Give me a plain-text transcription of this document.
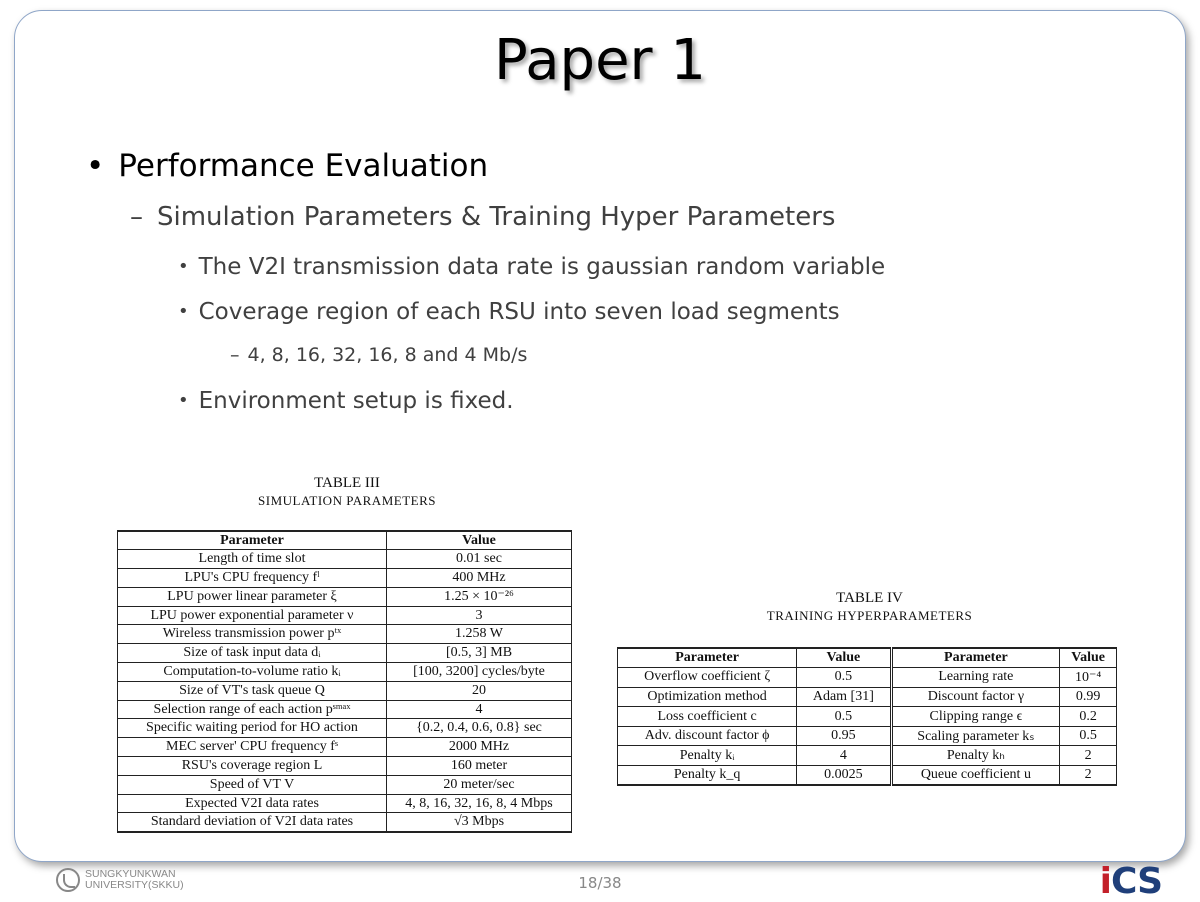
Paper 1
• Performance Evaluation
– Simulation Parameters & Training Hyper Parameters
• The V2I transmission data rate is gaussian random variable
• Coverage region of each RSU into seven load segments
– 4, 8, 16, 32, 16, 8 and 4 Mb/s
• Environment setup is fixed.
TABLE III
SIMULATION PARAMETERS
Parameter	Value
Length of time slot	0.01 sec
LPU's CPU frequency fˡ	400 MHz
LPU power linear parameter ξ	1.25 × 10⁻²⁶
LPU power exponential parameter ν	3
Wireless transmission power pᵗˣ	1.258 W
Size of task input data dᵢ	[0.5, 3] MB
Computation-to-volume ratio kᵢ	[100, 3200] cycles/byte
Size of VT's task queue Q	20
Selection range of each action pˢᵐᵃˣ	4
Specific waiting period for HO action	{0.2, 0.4, 0.6, 0.8} sec
MEC server' CPU frequency fˢ	2000 MHz
RSU's coverage region L	160 meter
Speed of VT V	20 meter/sec
Expected V2I data rates	4, 8, 16, 32, 16, 8, 4 Mbps
Standard deviation of V2I data rates	√3 Mbps
TABLE IV
TRAINING HYPERPARAMETERS
Parameter	Value	Parameter	Value
Overflow coefficient ζ	0.5	Learning rate	10⁻⁴
Optimization method	Adam [31]	Discount factor γ	0.99
Loss coefficient c	0.5	Clipping range ϵ	0.2
Adv. discount factor ϕ	0.95	Scaling parameter kₛ	0.5
Penalty kᵢ	4	Penalty kₕ	2
Penalty k_q	0.0025	Queue coefficient u	2
SUNGKYUNKWAN
UNIVERSITY(SKKU)	18/38	iCS
